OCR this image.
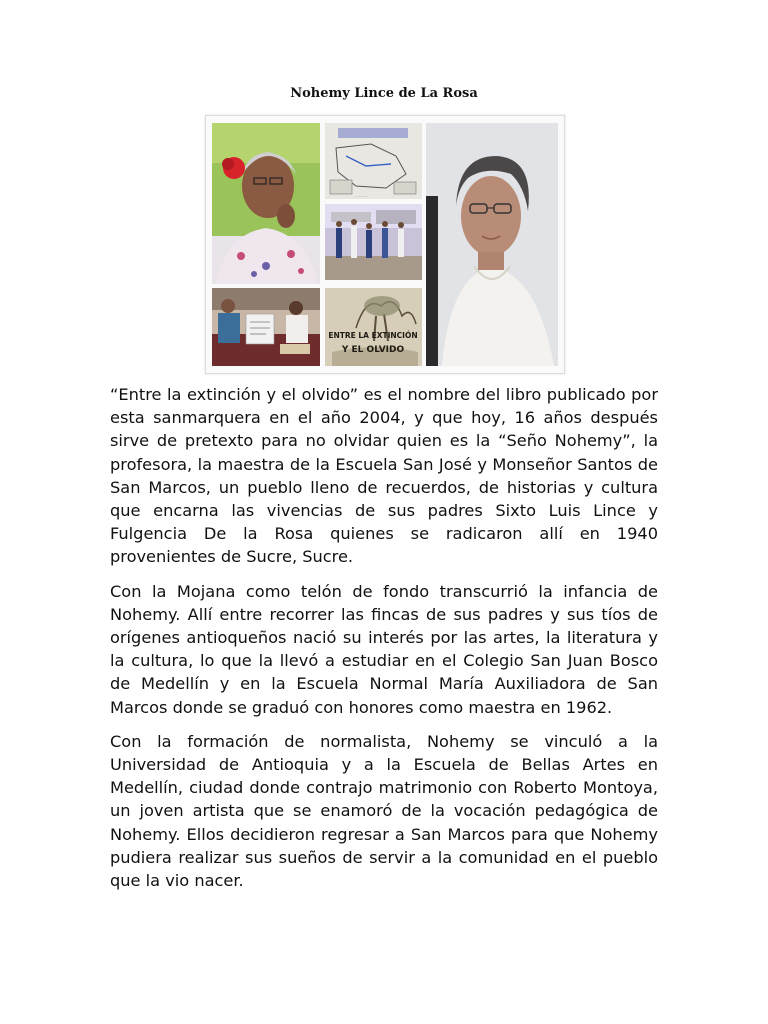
Nohemy Lince de La Rosa
· · · · ·
ENTRE LA EXTINCIÓN
Y EL OLVIDO

“Entre la extinción y el olvido” es el nombre del libro publicado por esta sanmarquera en el año 2004, y que hoy, 16 años después sirve de pretexto para no olvidar quien es la “Seño Nohemy”, la profesora, la maestra de la Escuela San José y Monseñor Santos de San Marcos, un pueblo lleno de recuerdos, de historias y cultura que encarna las vivencias de sus padres Sixto Luis Lince y Fulgencia De la Rosa quienes se radicaron allí en 1940 provenientes de Sucre, Sucre.

Con la Mojana como telón de fondo transcurrió la infancia de Nohemy. Allí entre recorrer las fincas de sus padres y sus tíos de orígenes antioqueños nació su interés por las artes, la literatura y la cultura, lo que la llevó a estudiar en el Colegio San Juan Bosco de Medellín y en la Escuela Normal María Auxiliadora de San Marcos donde se graduó con honores como maestra en 1962.

Con la formación de normalista, Nohemy se vinculó a la Universidad de Antioquia y a la Escuela de Bellas Artes en Medellín, ciudad donde contrajo matrimonio con Roberto Montoya, un joven artista que se enamoró de la vocación pedagógica de Nohemy. Ellos decidieron regresar a San Marcos para que Nohemy pudiera realizar sus sueños de servir a la comunidad en el pueblo que la vio nacer.
